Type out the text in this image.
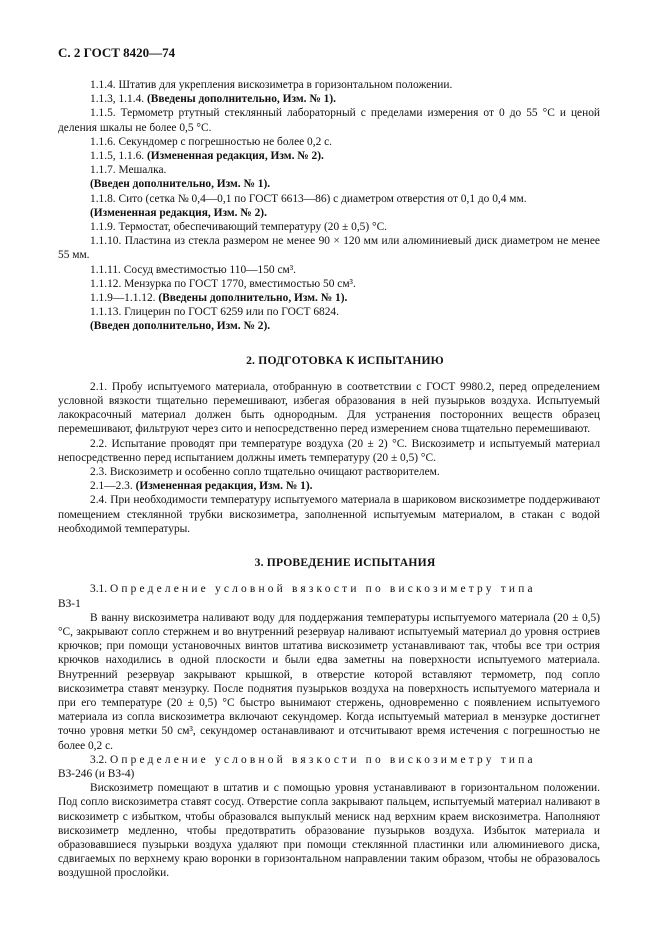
С. 2 ГОСТ 8420—74

1.1.4. Штатив для укрепления вискозиметра в горизонтальном положении.

1.1.3, 1.1.4. (Введены дополнительно, Изм. № 1).

1.1.5. Термометр ртутный стеклянный лабораторный с пределами измерения от 0 до 55 °С и ценой деления шкалы не более 0,5 °С.

1.1.6. Секундомер с погрешностью не более 0,2 с.

1.1.5, 1.1.6. (Измененная редакция, Изм. № 2).

1.1.7. Мешалка.

(Введен дополнительно, Изм. № 1).

1.1.8. Сито (сетка № 0,4—0,1 по ГОСТ 6613—86) с диаметром отверстия от 0,1 до 0,4 мм.

(Измененная редакция, Изм. № 2).

1.1.9. Термостат, обеспечивающий температуру (20 ± 0,5) °С.

1.1.10. Пластина из стекла размером не менее 90 × 120 мм или алюминиевый диск диаметром не менее 55 мм.

1.1.11. Сосуд вместимостью 110—150 см³.

1.1.12. Мензурка по ГОСТ 1770, вместимостью 50 см³.

1.1.9—1.1.12. (Введены дополнительно, Изм. № 1).

1.1.13. Глицерин по ГОСТ 6259 или по ГОСТ 6824.

(Введен дополнительно, Изм. № 2).

2. ПОДГОТОВКА К ИСПЫТАНИЮ

2.1. Пробу испытуемого материала, отобранную в соответствии с ГОСТ 9980.2, перед определением условной вязкости тщательно перемешивают, избегая образования в ней пузырьков воздуха. Испытуемый лакокрасочный материал должен быть однородным. Для устранения посторонних веществ образец перемешивают, фильтруют через сито и непосредственно перед измерением снова тщательно перемешивают.

2.2. Испытание проводят при температуре воздуха (20 ± 2) °С. Вискозиметр и испытуемый материал непосредственно перед испытанием должны иметь температуру (20 ± 0,5) °С.

2.3. Вискозиметр и особенно сопло тщательно очищают растворителем.

2.1—2.3. (Измененная редакция, Изм. № 1).

2.4. При необходимости температуру испытуемого материала в шариковом вискозиметре поддерживают помещением стеклянной трубки вискозиметра, заполненной испытуемым материалом, в стакан с водой необходимой температуры.

3. ПРОВЕДЕНИЕ ИСПЫТАНИЯ

3.1. Определение условной вязкости по вискозиметру типа

ВЗ-1

В ванну вискозиметра наливают воду для поддержания температуры испытуемого материала (20 ± 0,5) °С, закрывают сопло стержнем и во внутренний резервуар наливают испытуемый материал до уровня остриев крючков; при помощи установочных винтов штатива вискозиметр устанавливают так, чтобы все три острия крючков находились в одной плоскости и были едва заметны на поверхности испытуемого материала. Внутренний резервуар закрывают крышкой, в отверстие которой вставляют термометр, под сопло вискозиметра ставят мензурку. После поднятия пузырьков воздуха на поверхность испытуемого материала и при его температуре (20 ± 0,5) °С быстро вынимают стержень, одновременно с появлением испытуемого материала из сопла вискозиметра включают секундомер. Когда испытуемый материал в мензурке достигнет точно уровня метки 50 см³, секундомер останавливают и отсчитывают время истечения с погрешностью не более 0,2 с.

3.2. Определение условной вязкости по вискозиметру типа

ВЗ-246 (и ВЗ-4)

Вискозиметр помещают в штатив и с помощью уровня устанавливают в горизонтальном положении. Под сопло вискозиметра ставят сосуд. Отверстие сопла закрывают пальцем, испытуемый материал наливают в вискозиметр с избытком, чтобы образовался выпуклый мениск над верхним краем вискозиметра. Наполняют вискозиметр медленно, чтобы предотвратить образование пузырьков воздуха. Избыток материала и образовавшиеся пузырьки воздуха удаляют при помощи стеклянной пластинки или алюминиевого диска, сдвигаемых по верхнему краю воронки в горизонтальном направлении таким образом, чтобы не образовалось воздушной прослойки.
